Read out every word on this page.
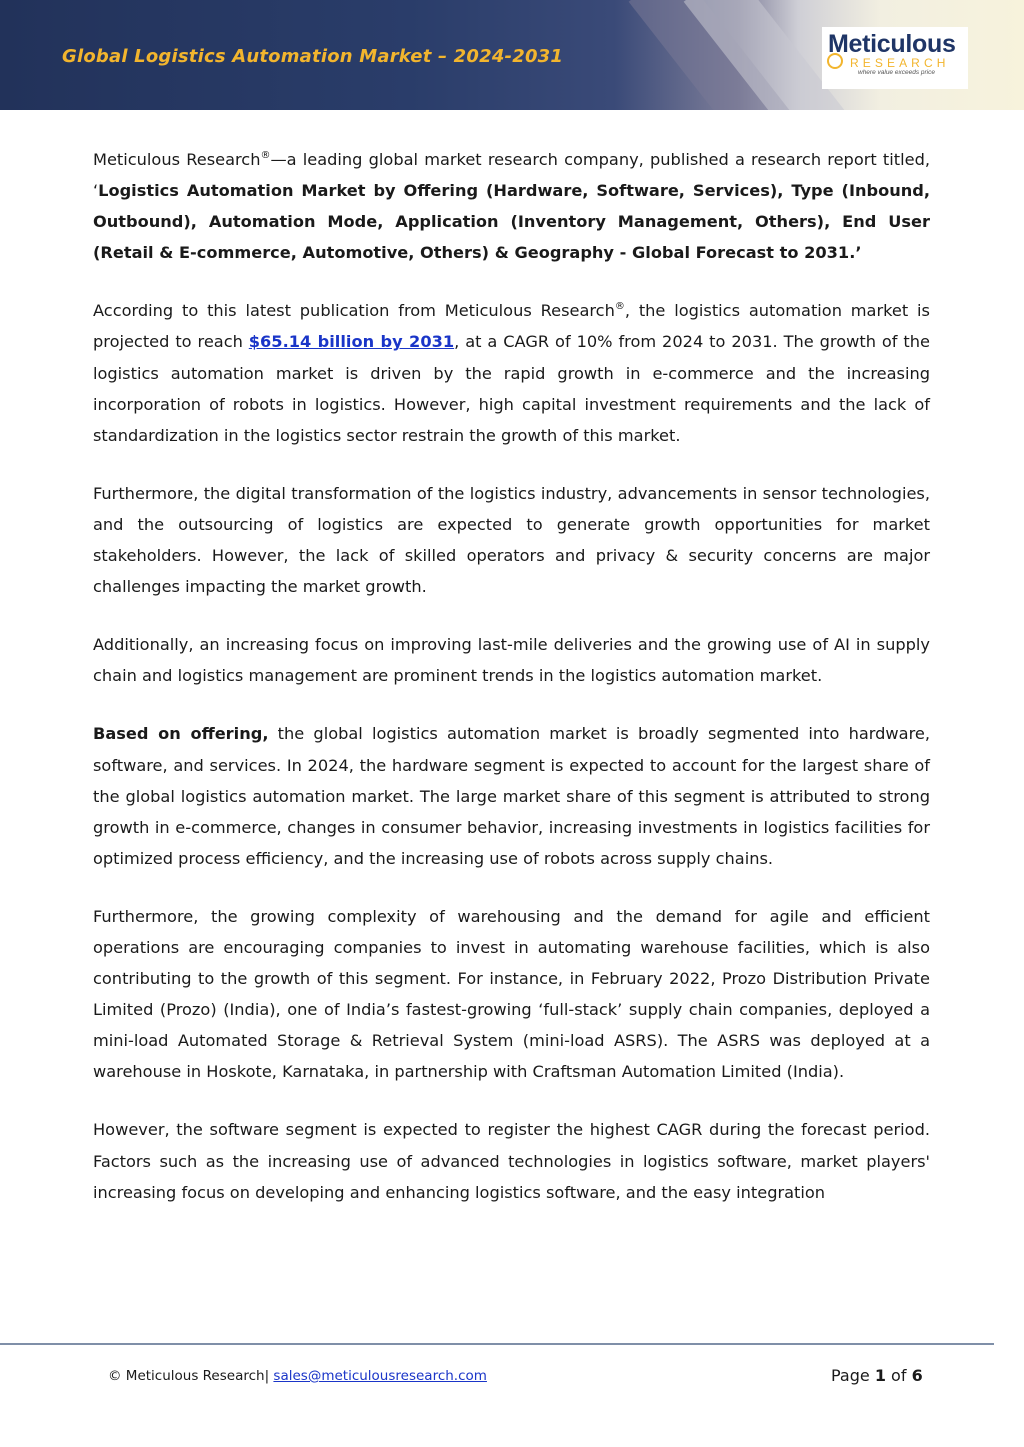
Global Logistics Automation Market – 2024-2031	Meticulous
RESEARCH
where value exceeds price

Meticulous Research®—a leading global market research company, published a research report titled, ‘Logistics Automation Market by Offering (Hardware, Software, Services), Type (Inbound, Outbound), Automation Mode, Application (Inventory Management, Others), End User (Retail & E-commerce, Automotive, Others) & Geography - Global Forecast to 2031.’

According to this latest publication from Meticulous Research®, the logistics automation market is projected to reach $65.14 billion by 2031, at a CAGR of 10% from 2024 to 2031. The growth of the logistics automation market is driven by the rapid growth in e-commerce and the increasing incorporation of robots in logistics. However, high capital investment requirements and the lack of standardization in the logistics sector restrain the growth of this market.

Furthermore, the digital transformation of the logistics industry, advancements in sensor technologies, and the outsourcing of logistics are expected to generate growth opportunities for market stakeholders. However, the lack of skilled operators and privacy & security concerns are major challenges impacting the market growth.

Additionally, an increasing focus on improving last-mile deliveries and the growing use of AI in supply chain and logistics management are prominent trends in the logistics automation market.

Based on offering, the global logistics automation market is broadly segmented into hardware, software, and services. In 2024, the hardware segment is expected to account for the largest share of the global logistics automation market. The large market share of this segment is attributed to strong growth in e-commerce, changes in consumer behavior, increasing investments in logistics facilities for optimized process efficiency, and the increasing use of robots across supply chains.

Furthermore, the growing complexity of warehousing and the demand for agile and efficient operations are encouraging companies to invest in automating warehouse facilities, which is also contributing to the growth of this segment. For instance, in February 2022, Prozo Distribution Private Limited (Prozo) (India), one of India’s fastest-growing ‘full-stack’ supply chain companies, deployed a mini-load Automated Storage & Retrieval System (mini-load ASRS). The ASRS was deployed at a warehouse in Hoskote, Karnataka, in partnership with Craftsman Automation Limited (India).

However, the software segment is expected to register the highest CAGR during the forecast period. Factors such as the increasing use of advanced technologies in logistics software, market players' increasing focus on developing and enhancing logistics software, and the easy integration

© Meticulous Research| sales@meticulousresearch.com	Page 1 of 6
